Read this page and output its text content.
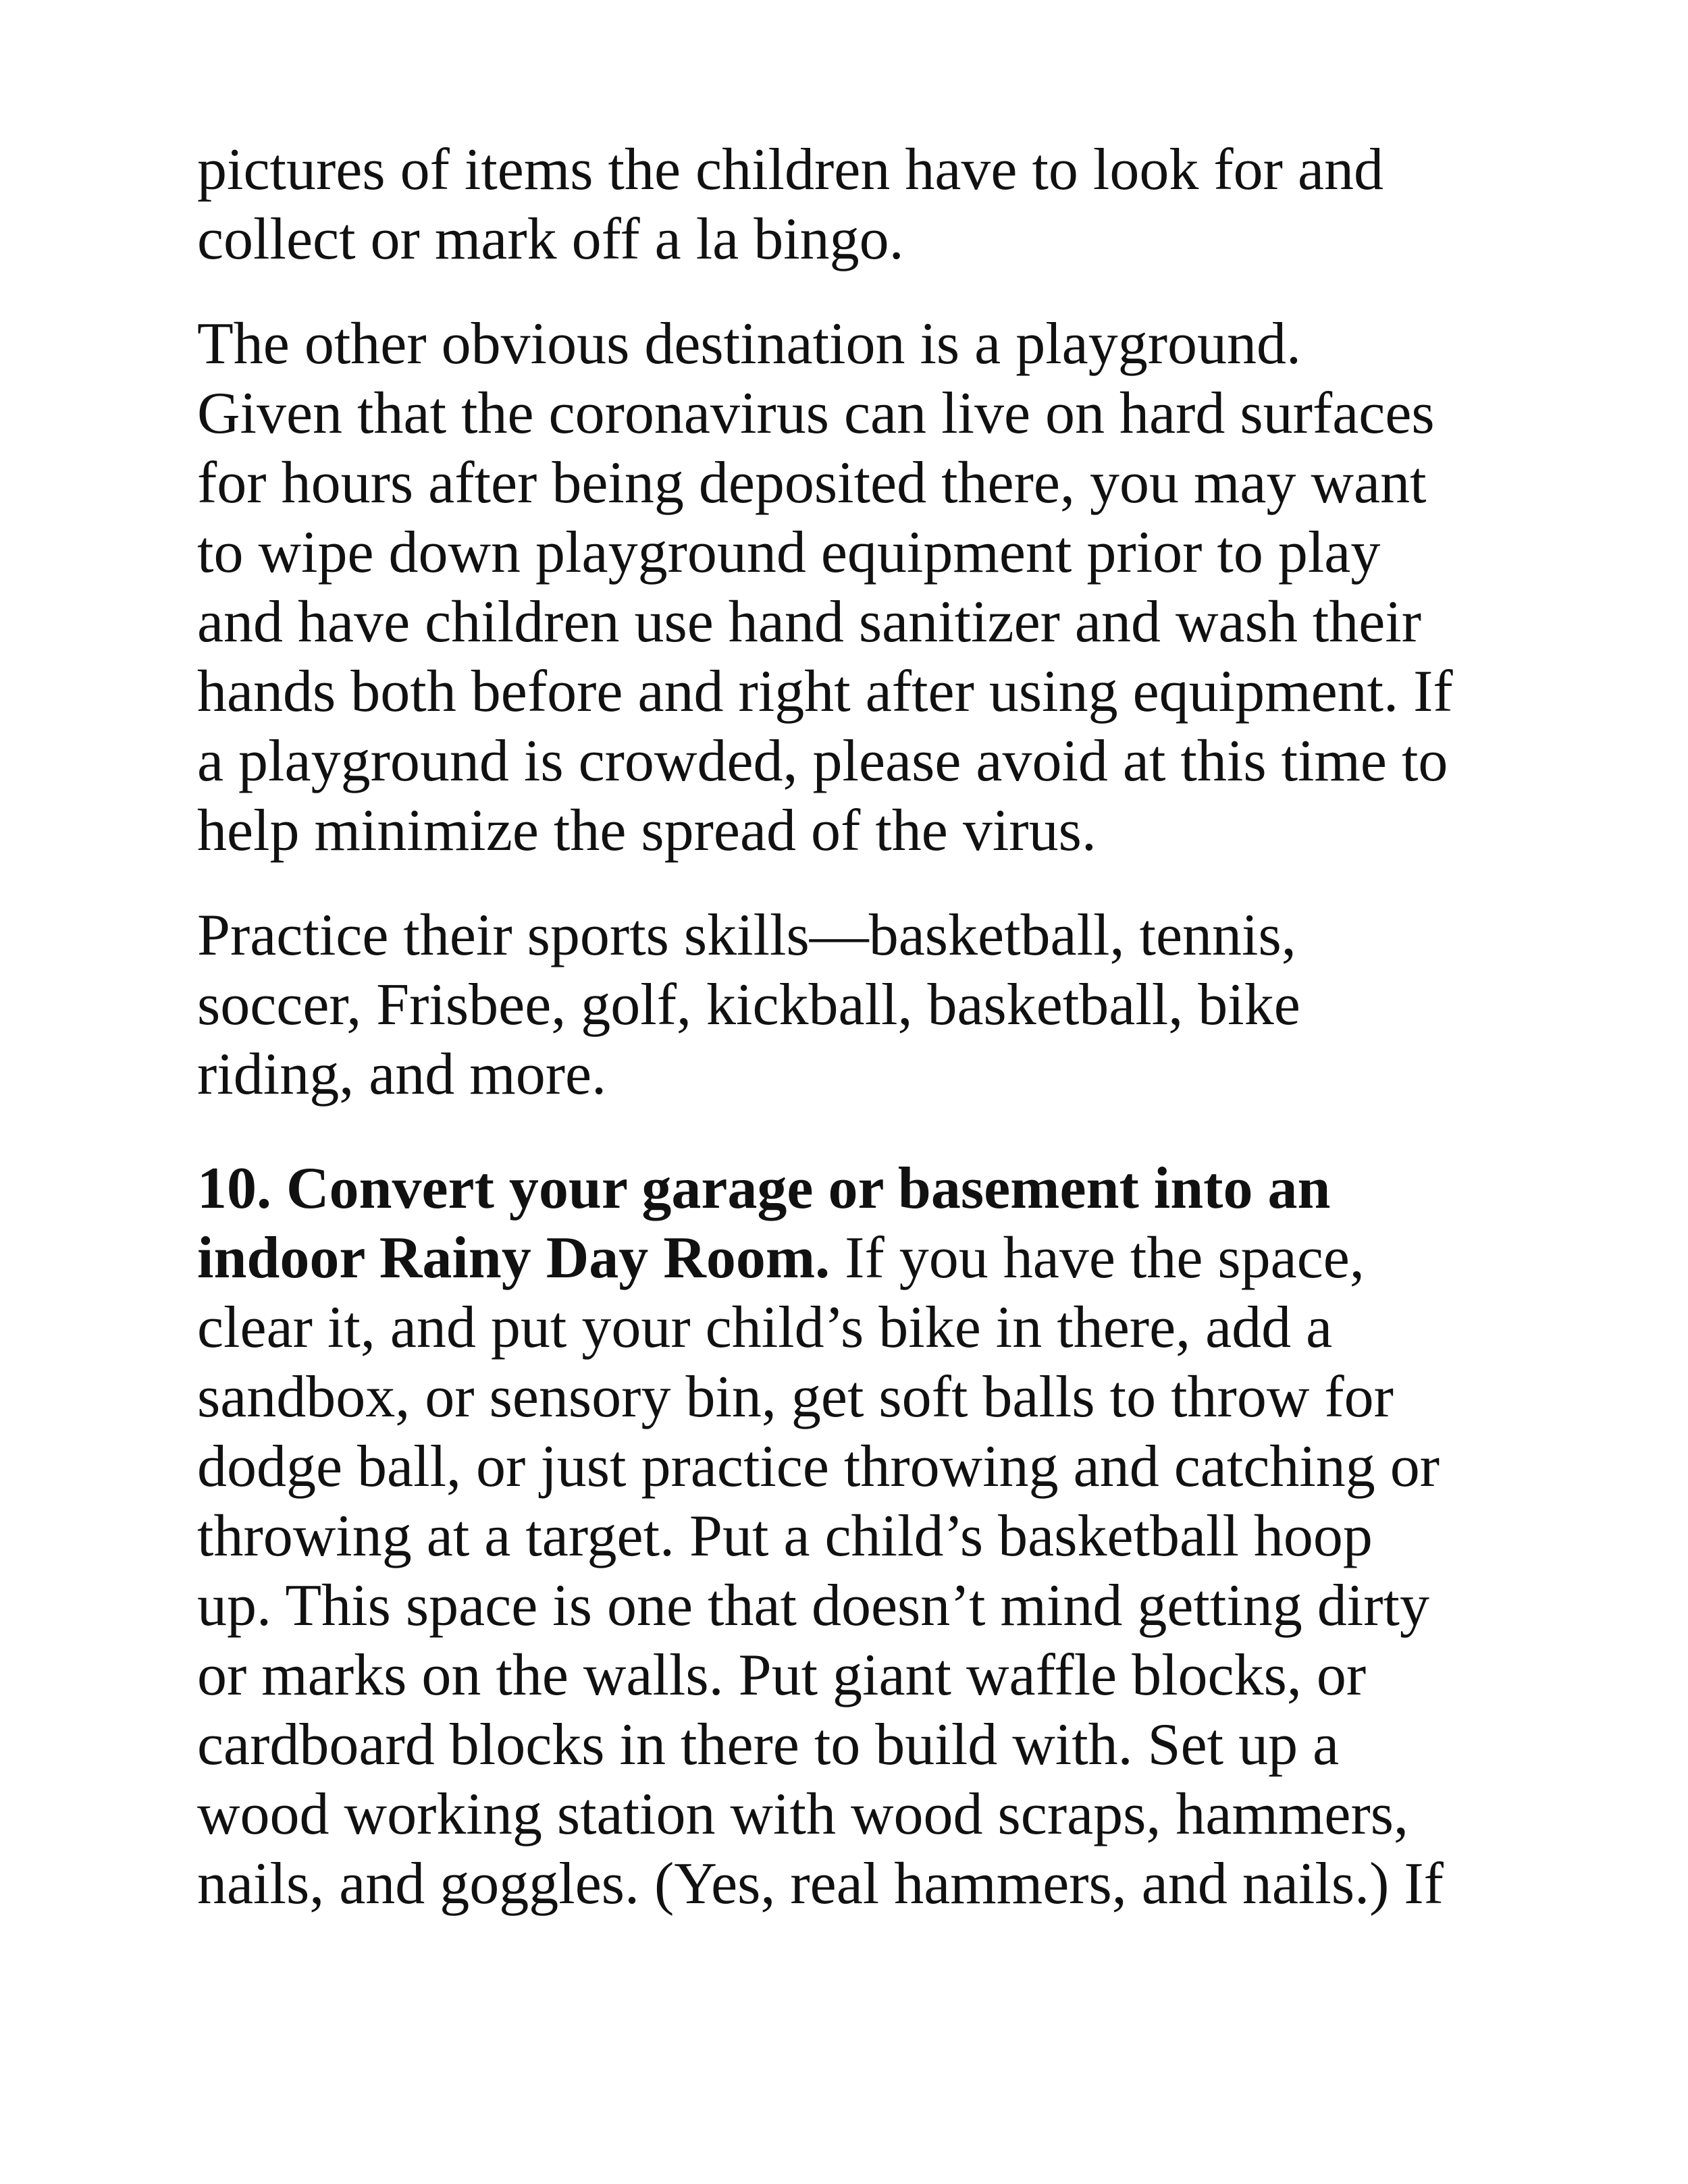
pictures of items the children have to look for and
collect or mark off a la bingo.
The other obvious destination is a playground.
Given that the coronavirus can live on hard surfaces
for hours after being deposited there, you may want
to wipe down playground equipment prior to play
and have children use hand sanitizer and wash their
hands both before and right after using equipment. If
a playground is crowded, please avoid at this time to
help minimize the spread of the virus.
Practice their sports skills—basketball, tennis,
soccer, Frisbee, golf, kickball, basketball, bike
riding, and more.
10. Convert your garage or basement into an
indoor Rainy Day Room. If you have the space,
clear it, and put your child’s bike in there, add a
sandbox, or sensory bin, get soft balls to throw for
dodge ball, or just practice throwing and catching or
throwing at a target. Put a child’s basketball hoop
up. This space is one that doesn’t mind getting dirty
or marks on the walls. Put giant waffle blocks, or
cardboard blocks in there to build with. Set up a
wood working station with wood scraps, hammers,
nails, and goggles. (Yes, real hammers, and nails.) If
